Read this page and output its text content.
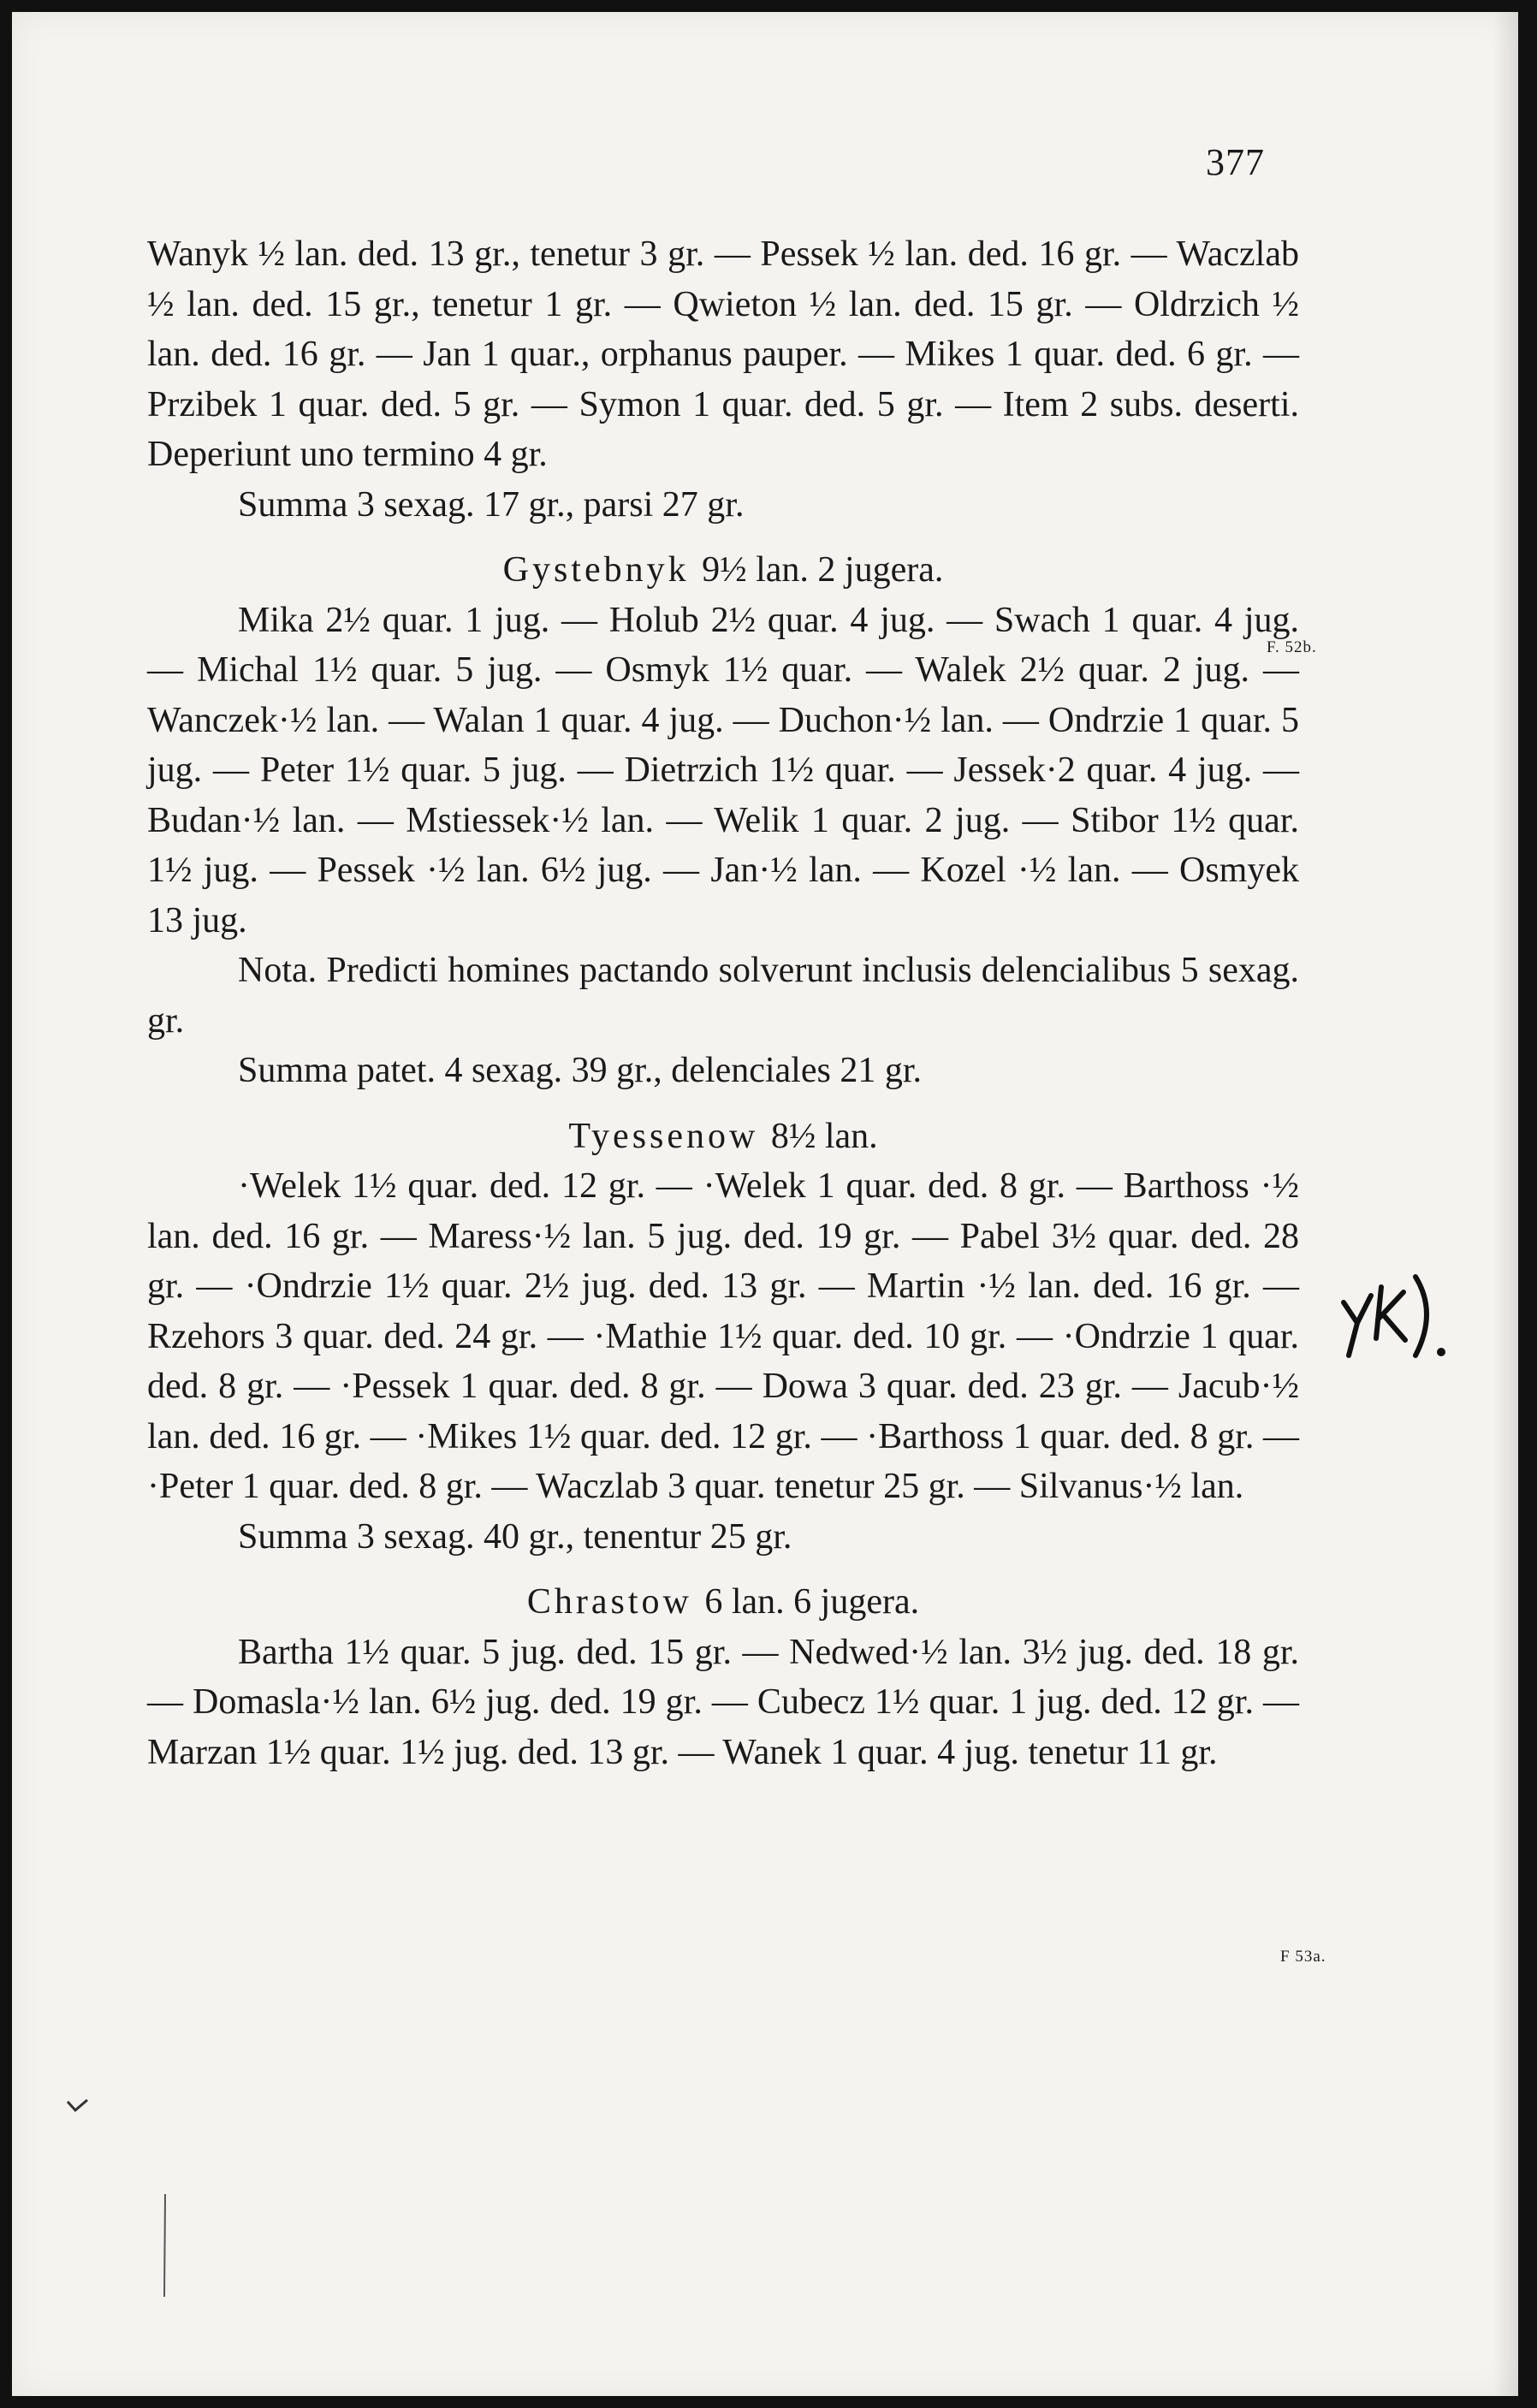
377

Wanyk ½ lan. ded. 13 gr., tenetur 3 gr. — Pessek ½ lan. ded. 16 gr. — Waczlab ½ lan. ded. 15 gr., tenetur 1 gr. — Qwieton ½ lan. ded. 15 gr. — Oldrzich ½ lan. ded. 16 gr. — Jan 1 quar., orphanus pauper. — Mikes 1 quar. ded. 6 gr. — Przibek 1 quar. ded. 5 gr. — Symon 1 quar. ded. 5 gr. — Item 2 subs. deserti. Deperiunt uno termino 4 gr.

Summa 3 sexag. 17 gr., parsi 27 gr.

Gystebnyk 9½ lan. 2 jugera.

Mika 2½ quar. 1 jug. — Holub 2½ quar. 4 jug. — Swach 1 quar. 4 jug. — Michal 1½ quar. 5 jug. — Osmyk 1½ quar. — Walek 2½ quar. 2 jug. — Wanczek·½ lan. — Walan 1 quar. 4 jug. — Duchon·½ lan. — Ondrzie 1 quar. 5 jug. — Peter 1½ quar. 5 jug. — Dietrzich 1½ quar. — Jessek·2 quar. 4 jug. — Budan·½ lan. — Mstiessek·½ lan. — Welik 1 quar. 2 jug. — Stibor 1½ quar. 1½ jug. — Pessek ·½ lan. 6½ jug. — Jan·½ lan. — Kozel ·½ lan. — Osmyek 13 jug.

Nota. Predicti homines pactando solverunt inclusis delencialibus 5 sexag. gr.

Summa patet. 4 sexag. 39 gr., delenciales 21 gr.

Tyessenow 8½ lan.

·Welek 1½ quar. ded. 12 gr. — ·Welek 1 quar. ded. 8 gr. — Barthoss ·½ lan. ded. 16 gr. — Maress·½ lan. 5 jug. ded. 19 gr. — Pabel 3½ quar. ded. 28 gr. — ·Ondrzie 1½ quar. 2½ jug. ded. 13 gr. — Martin ·½ lan. ded. 16 gr. — Rzehors 3 quar. ded. 24 gr. — ·Mathie 1½ quar. ded. 10 gr. — ·Ondrzie 1 quar. ded. 8 gr. — ·Pessek 1 quar. ded. 8 gr. — Dowa 3 quar. ded. 23 gr. — Jacub·½ lan. ded. 16 gr. — ·Mikes 1½ quar. ded. 12 gr. — ·Barthoss 1 quar. ded. 8 gr. — ·Peter 1 quar. ded. 8 gr. — Waczlab 3 quar. tenetur 25 gr. — Silvanus·½ lan.

Summa 3 sexag. 40 gr., tenentur 25 gr.

Chrastow 6 lan. 6 jugera.

Bartha 1½ quar. 5 jug. ded. 15 gr. — Nedwed·½ lan. 3½ jug. ded. 18 gr. — Domasla·½ lan. 6½ jug. ded. 19 gr. — Cubecz 1½ quar. 1 jug. ded. 12 gr. — Marzan 1½ quar. 1½ jug. ded. 13 gr. — Wanek 1 quar. 4 jug. tenetur 11 gr.

F. 52b.
F 53a.
